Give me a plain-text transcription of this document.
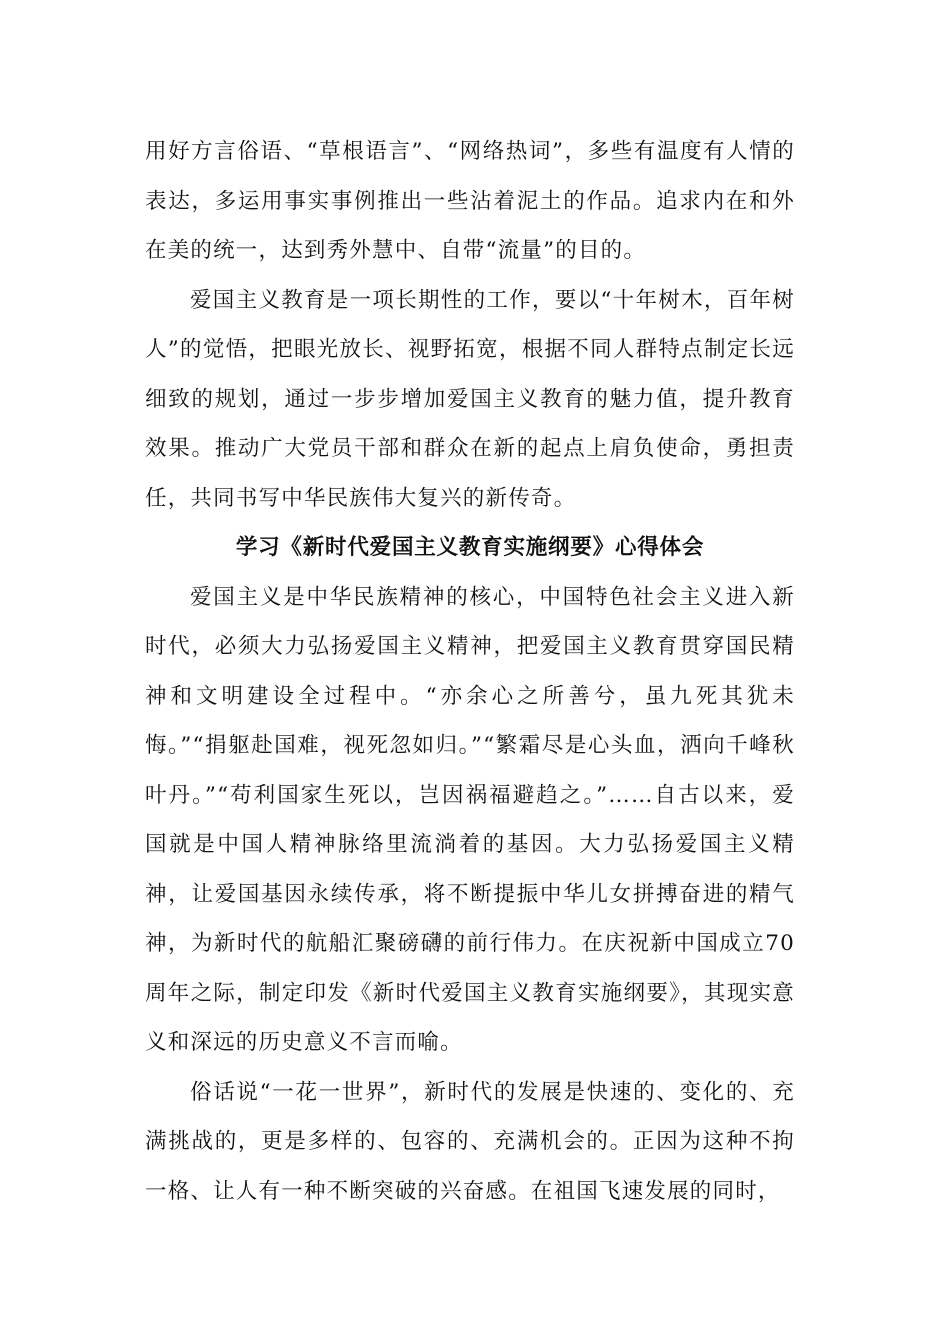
用好方言俗语、“草根语言”、“网络热词”，多些有温度有人情的表达，多运用事实事例推出一些沾着泥土的作品。追求内在和外在美的统一，达到秀外慧中、自带“流量”的目的。

爱国主义教育是一项长期性的工作，要以“十年树木，百年树人”的觉悟，把眼光放长、视野拓宽，根据不同人群特点制定长远细致的规划，通过一步步增加爱国主义教育的魅力值，提升教育效果。推动广大党员干部和群众在新的起点上肩负使命，勇担责任，共同书写中华民族伟大复兴的新传奇。

学习《新时代爱国主义教育实施纲要》心得体会

爱国主义是中华民族精神的核心，中国特色社会主义进入新时代，必须大力弘扬爱国主义精神，把爱国主义教育贯穿国民精神和文明建设全过程中。“亦余心之所善兮，虽九死其犹未悔。”“捐躯赴国难，视死忽如归。”“繁霜尽是心头血，洒向千峰秋叶丹。”“苟利国家生死以，岂因祸福避趋之。”……自古以来，爱国就是中国人精神脉络里流淌着的基因。大力弘扬爱国主义精神，让爱国基因永续传承，将不断提振中华儿女拼搏奋进的精气神，为新时代的航船汇聚磅礴的前行伟力。在庆祝新中国成立70周年之际，制定印发《新时代爱国主义教育实施纲要》，其现实意义和深远的历史意义不言而喻。

俗话说“一花一世界”，新时代的发展是快速的、变化的、充满挑战的，更是多样的、包容的、充满机会的。正因为这种不拘一格、让人有一种不断突破的兴奋感。在祖国飞速发展的同时，
